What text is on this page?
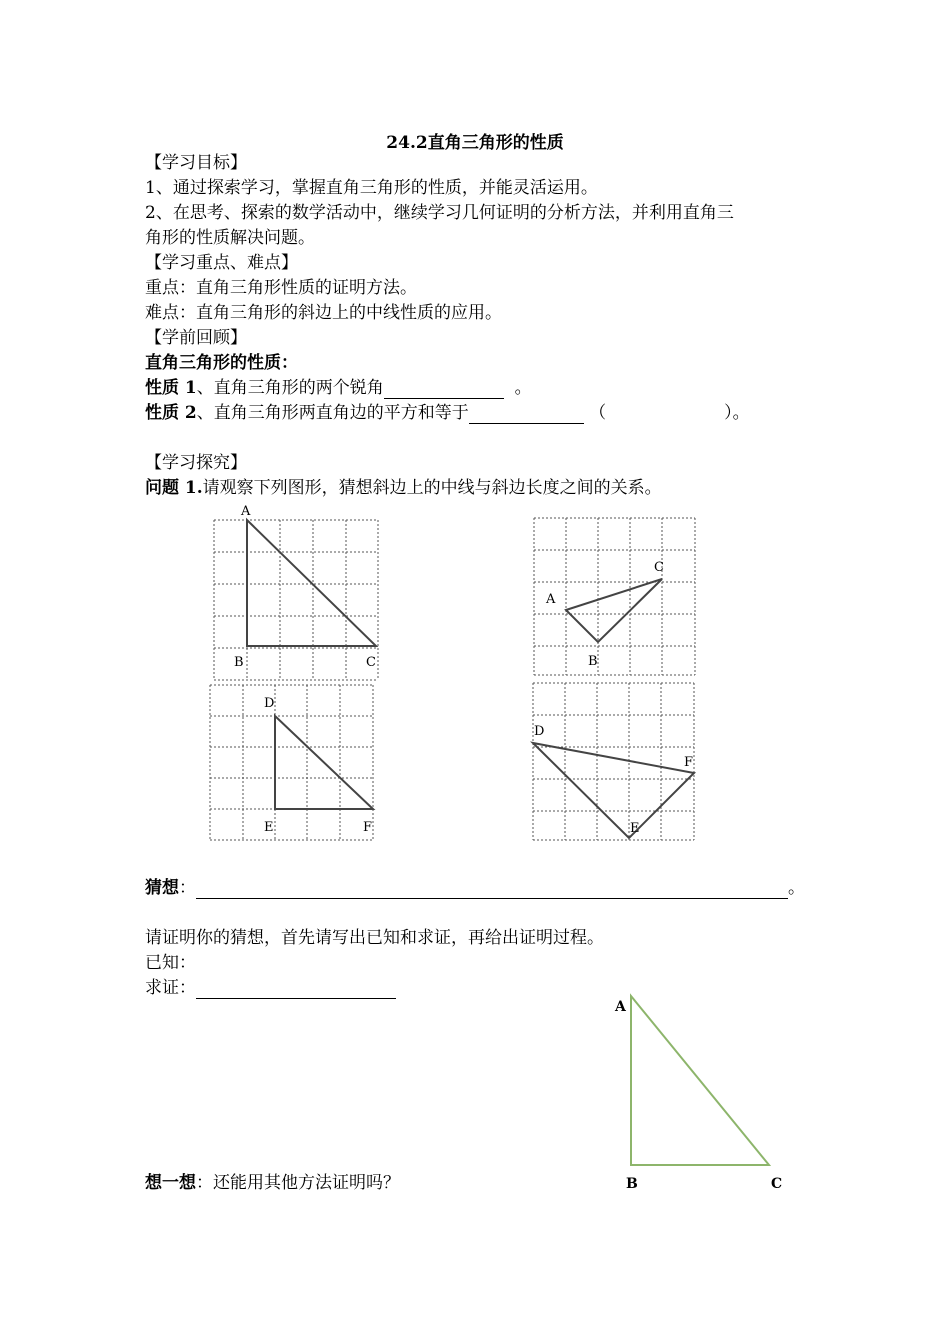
24.2直角三角形的性质
【学习目标】
1、通过探索学习，掌握直角三角形的性质，并能灵活运用。
2、在思考、探索的数学活动中，继续学习几何证明的分析方法，并利用直角三
角形的性质解决问题。
【学习重点、难点】
重点：直角三角形性质的证明方法。
难点：直角三角形的斜边上的中线性质的应用。
【学前回顾】
直角三角形的性质：
性质 1、直角三角形的两个锐角	。
性质 2、直角三角形两直角边的平方和等于	（	）。
【学习探究】
问题 1.请观察下列图形，猜想斜边上的中线与斜边长度之间的关系。
A
B	C
A
B
C
D
E	F
D
E
F
猜想：	。
请证明你的猜想，首先请写出已知和求证，再给出证明过程。
已知：
求证：
A
B	C
想一想：还能用其他方法证明吗？
